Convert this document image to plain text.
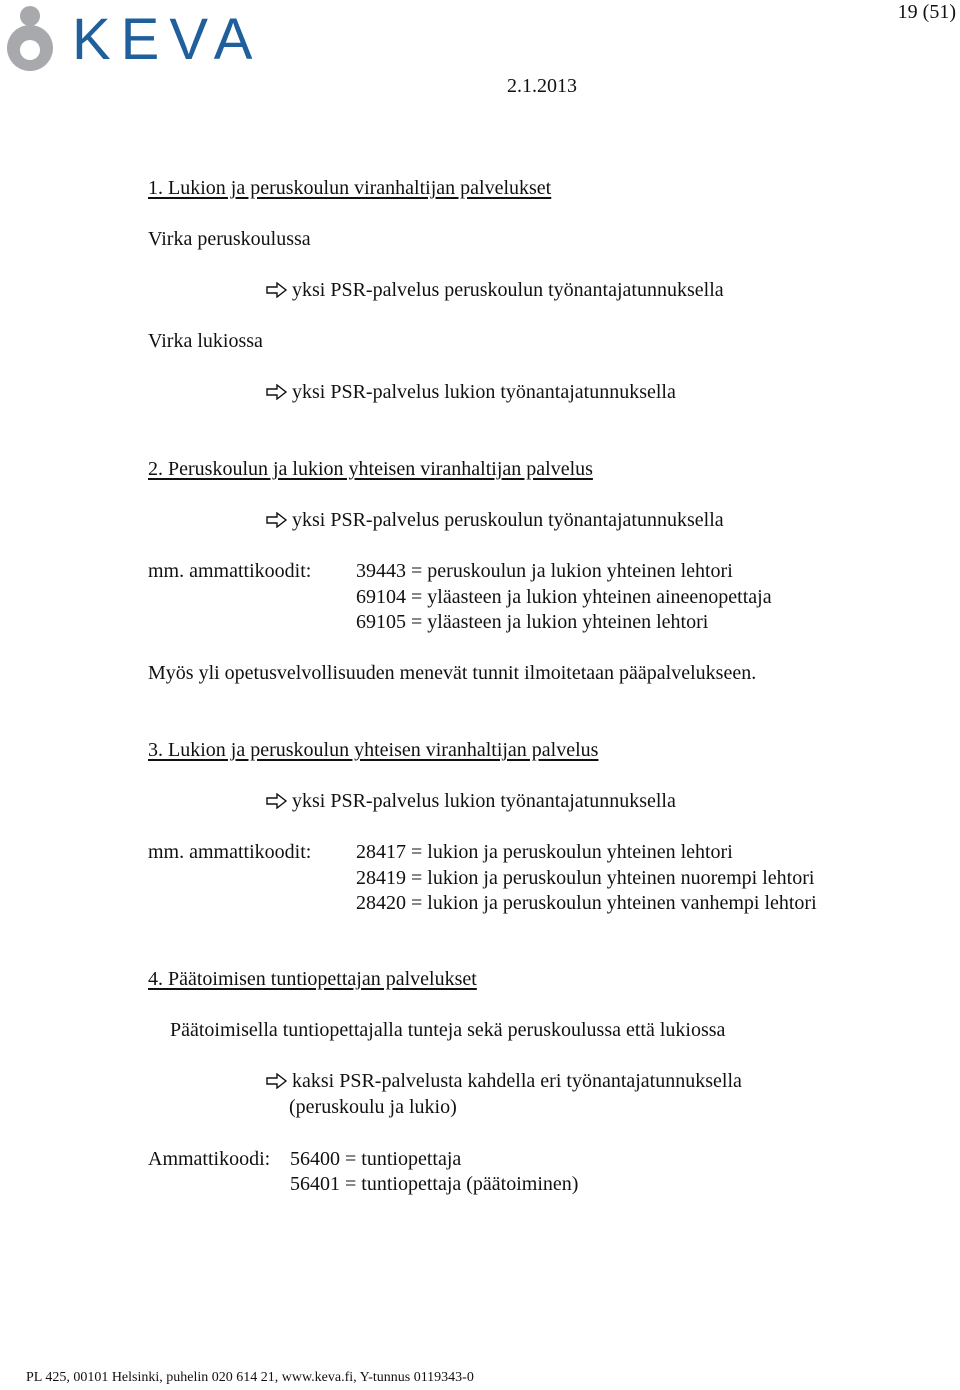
KEVA	19 (51)
2.1.2013
1. Lukion ja peruskoulun viranhaltijan palvelukset
Virka peruskoulussa
yksi PSR-palvelus peruskoulun työnantajatunnuksella
Virka lukiossa
yksi PSR-palvelus lukion työnantajatunnuksella
2. Peruskoulun ja lukion yhteisen viranhaltijan palvelus
yksi PSR-palvelus peruskoulun työnantajatunnuksella
mm. ammattikoodit: 39443 = peruskoulun ja lukion yhteinen lehtori
69104 = yläasteen ja lukion yhteinen aineenopettaja
69105 = yläasteen ja lukion yhteinen lehtori
Myös yli opetusvelvollisuuden menevät tunnit ilmoitetaan pääpalvelukseen.
3. Lukion ja peruskoulun yhteisen viranhaltijan palvelus
yksi PSR-palvelus lukion työnantajatunnuksella
mm. ammattikoodit: 28417 = lukion ja peruskoulun yhteinen lehtori
28419 = lukion ja peruskoulun yhteinen nuorempi lehtori
28420 = lukion ja peruskoulun yhteinen vanhempi lehtori
4. Päätoimisen tuntiopettajan palvelukset
Päätoimisella tuntiopettajalla tunteja sekä peruskoulussa että lukiossa
kaksi PSR-palvelusta kahdella eri työnantajatunnuksella
(peruskoulu ja lukio)
Ammattikoodi: 56400 = tuntiopettaja
56401 = tuntiopettaja (päätoiminen)
PL 425, 00101 Helsinki, puhelin 020 614 21, www.keva.fi, Y-tunnus 0119343-0
